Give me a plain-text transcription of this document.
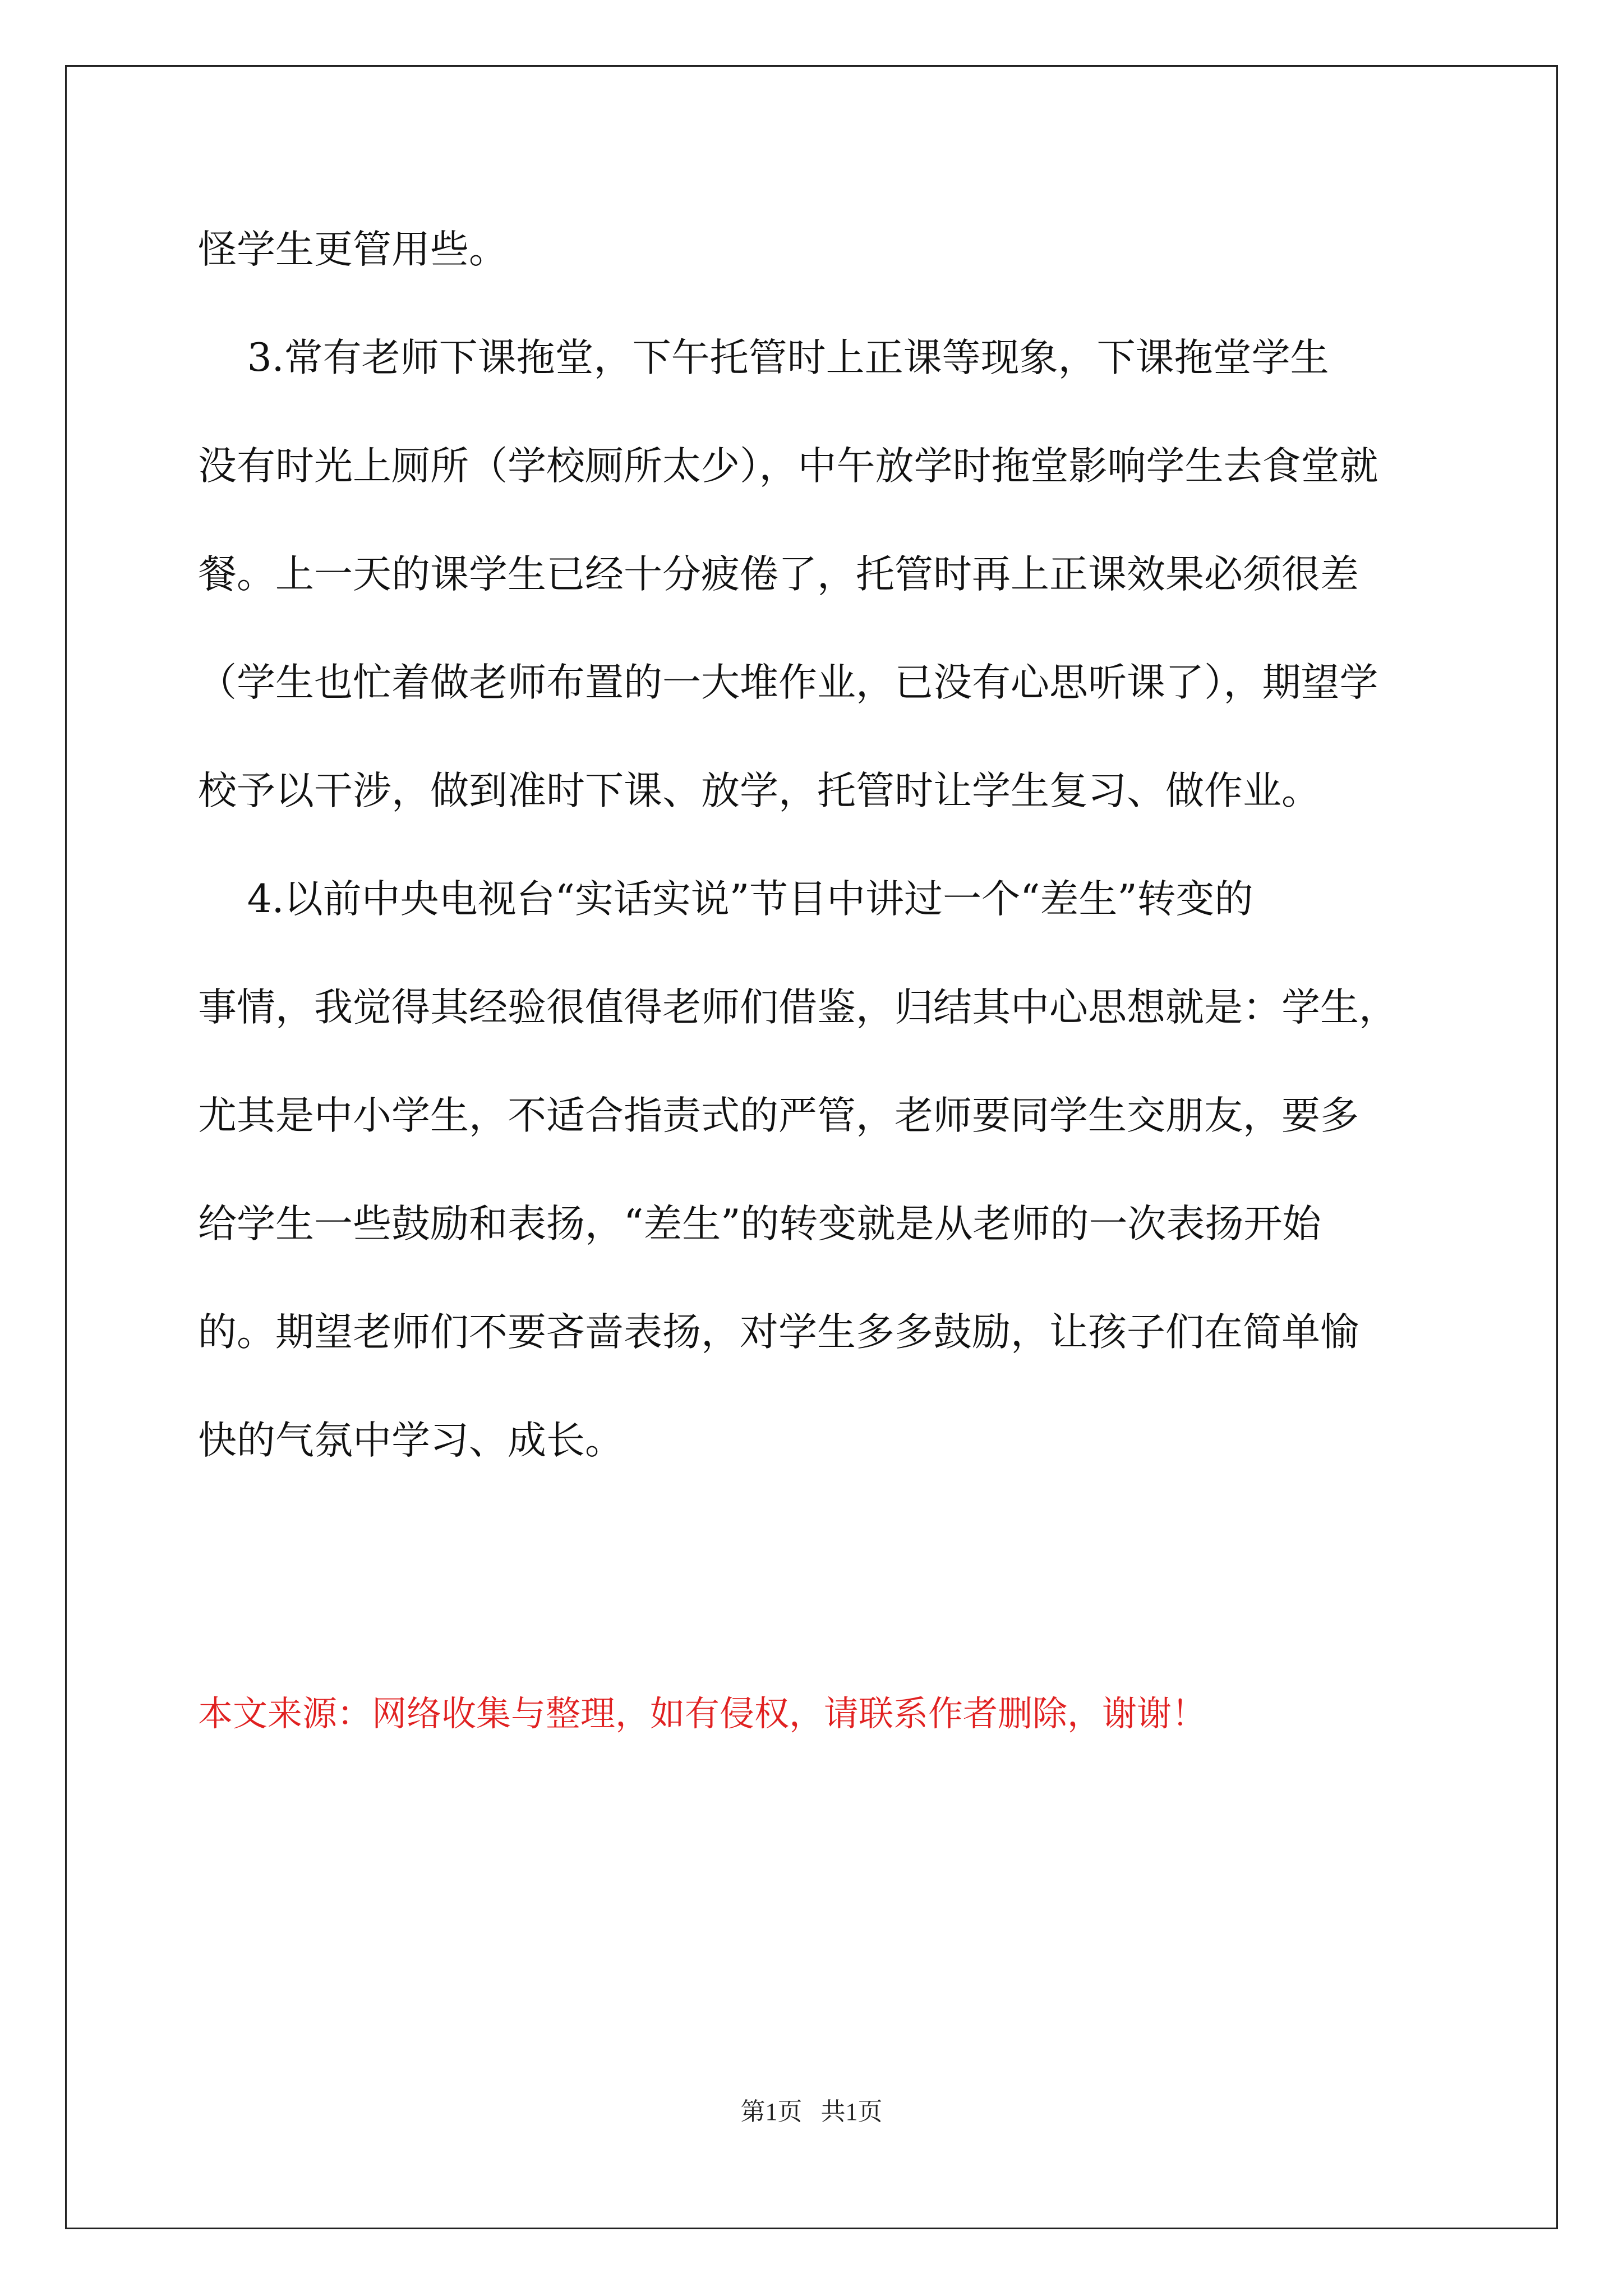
怪学生更管用些。
3.常有老师下课拖堂，下午托管时上正课等现象，下课拖堂学生
没有时光上厕所（学校厕所太少），中午放学时拖堂影响学生去食堂就
餐。上一天的课学生已经十分疲倦了，托管时再上正课效果必须很差
（学生也忙着做老师布置的一大堆作业，已没有心思听课了），期望学
校予以干涉，做到准时下课、放学，托管时让学生复习、做作业。
4.以前中央电视台“实话实说”节目中讲过一个“差生”转变的
事情，我觉得其经验很值得老师们借鉴，归结其中心思想就是：学生，
尤其是中小学生，不适合指责式的严管，老师要同学生交朋友，要多
给学生一些鼓励和表扬，“差生”的转变就是从老师的一次表扬开始
的。期望老师们不要吝啬表扬，对学生多多鼓励，让孩子们在简单愉
快的气氛中学习、成长。
本文来源：网络收集与整理，如有侵权，请联系作者删除，谢谢！
第1页   共1页
